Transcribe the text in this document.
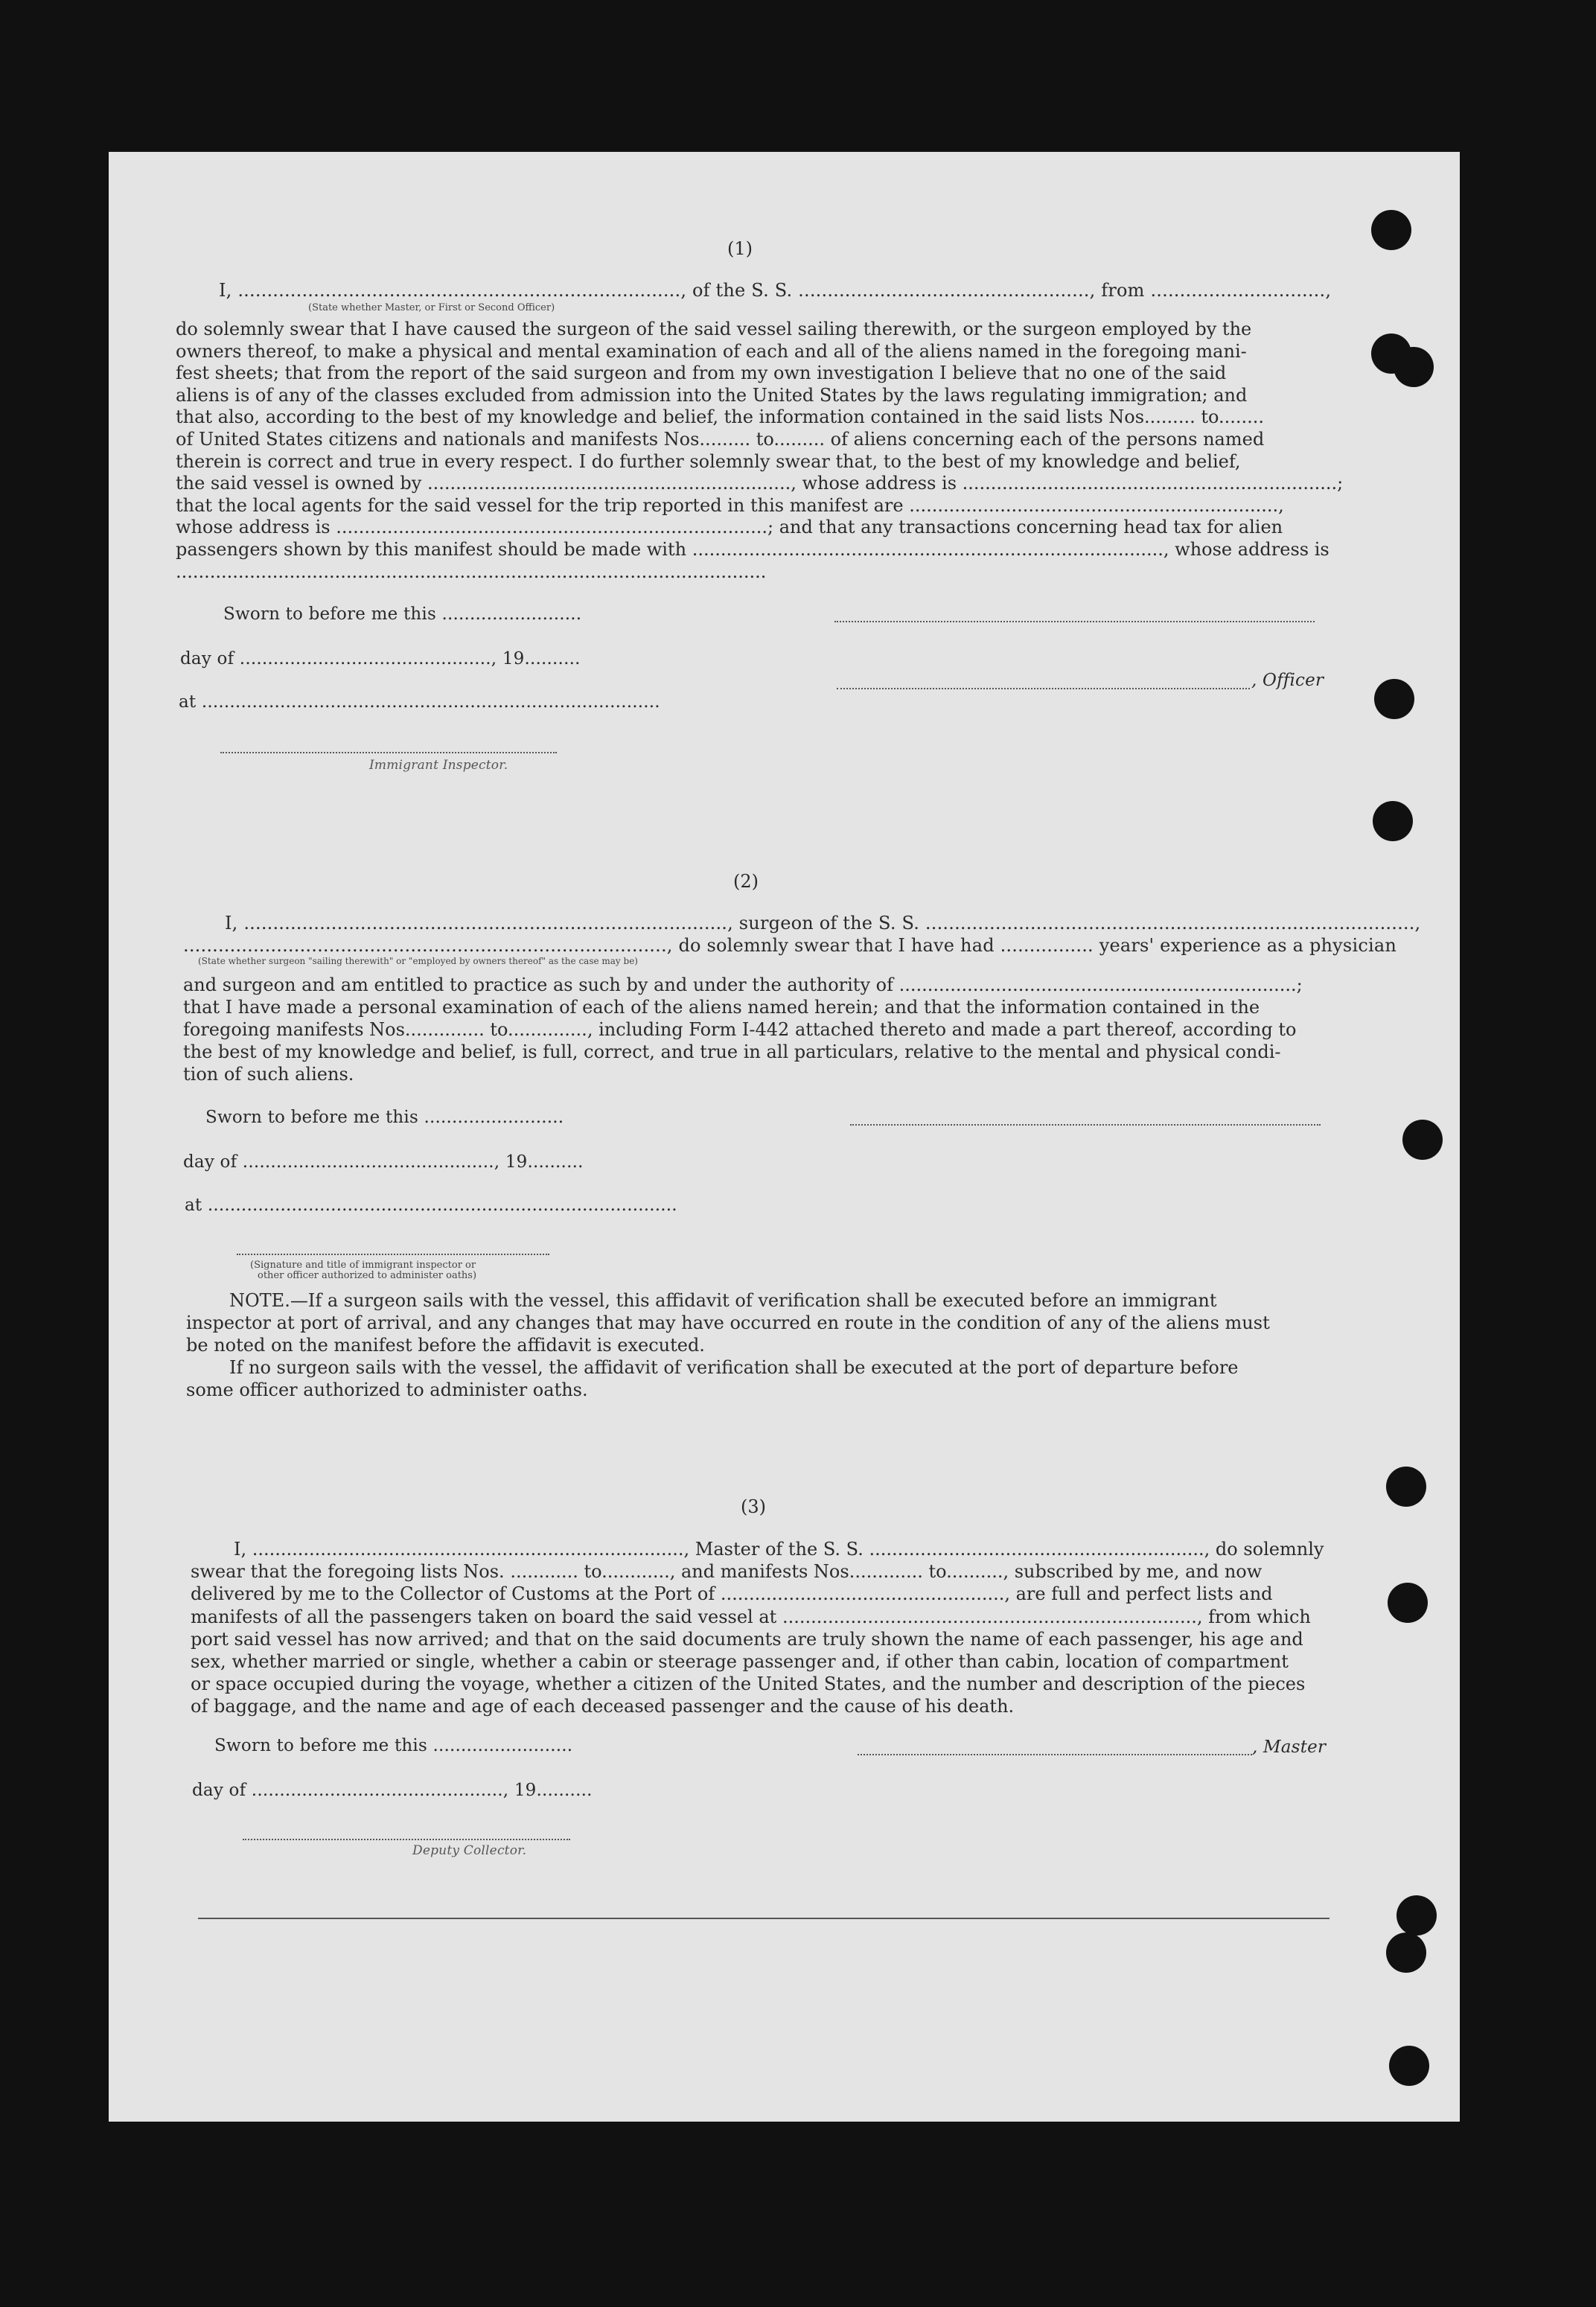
(1)
I, ............................................................................, of the S. S. .................................................., from ..............................,
(State whether Master, or First or Second Officer)
do solemnly swear that I have caused the surgeon of the said vessel sailing therewith, or the surgeon employed by the
owners thereof, to make a physical and mental examination of each and all of the aliens named in the foregoing mani-
fest sheets; that from the report of the said surgeon and from my own investigation I believe that no one of the said
aliens is of any of the classes excluded from admission into the United States by the laws regulating immigration; and
that also, according to the best of my knowledge and belief, the information contained in the said lists Nos......... to........
of United States citizens and nationals and manifests Nos......... to......... of aliens concerning each of the persons named
therein is correct and true in every respect. I do further solemnly swear that, to the best of my knowledge and belief,
the said vessel is owned by ................................................................, whose address is ..................................................................;
that the local agents for the said vessel for the trip reported in this manifest are .................................................................,
whose address is ............................................................................; and that any transactions concerning head tax for alien
passengers shown by this manifest should be made with ..................................................................................., whose address is
........................................................................................................
Sworn to before me this .........................
day of ............................................., 19..........
, Officer
at ..................................................................................
Immigrant Inspector.
(2)
I, ..................................................................................., surgeon of the S. S. ....................................................................................,
..................................................................................., do solemnly swear that I have had ................ years' experience as a physician
(State whether surgeon "sailing therewith" or "employed by owners thereof" as the case may be)
and surgeon and am entitled to practice as such by and under the authority of ......................................................................;
that I have made a personal examination of each of the aliens named herein; and that the information contained in the
foregoing manifests Nos.............. to.............., including Form I-442 attached thereto and made a part thereof, according to
the best of my knowledge and belief, is full, correct, and true in all particulars, relative to the mental and physical condi-
tion of such aliens.
Sworn to before me this .........................
day of ............................................., 19..........
at ....................................................................................
(Signature and title of immigrant inspector or
other officer authorized to administer oaths)
NOTE.—If a surgeon sails with the vessel, this affidavit of verification shall be executed before an immigrant
inspector at port of arrival, and any changes that may have occurred en route in the condition of any of the aliens must
be noted on the manifest before the affidavit is executed.
If no surgeon sails with the vessel, the affidavit of verification shall be executed at the port of departure before
some officer authorized to administer oaths.
(3)
I, ............................................................................, Master of the S. S. ..........................................................., do solemnly
swear that the foregoing lists Nos. ............ to............, and manifests Nos............. to.........., subscribed by me, and now
delivered by me to the Collector of Customs at the Port of .................................................., are full and perfect lists and
manifests of all the passengers taken on board the said vessel at ........................................................................., from which
port said vessel has now arrived; and that on the said documents are truly shown the name of each passenger, his age and
sex, whether married or single, whether a cabin or steerage passenger and, if other than cabin, location of compartment
or space occupied during the voyage, whether a citizen of the United States, and the number and description of the pieces
of baggage, and the name and age of each deceased passenger and the cause of his death.
Sworn to before me this .........................	, Master
day of ............................................., 19..........
Deputy Collector.
